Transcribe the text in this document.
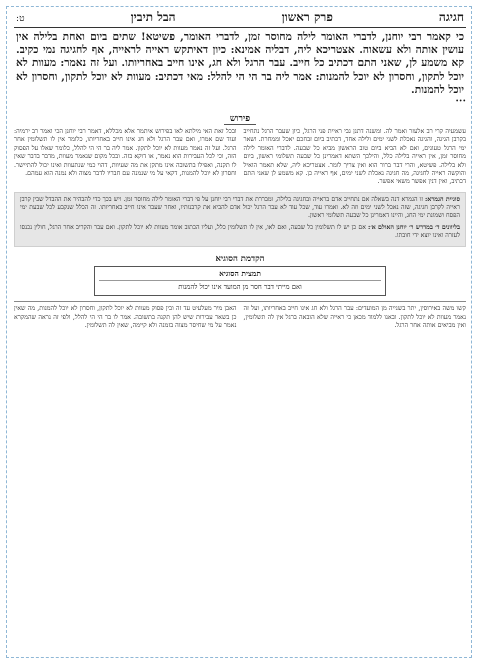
חגיגה
פרק ראשון
הבל תיבין
ט:
כי קאמר רבי יוחנן, לדברי האומר לילה מחוסר זמן, לדברי האומר, פשיטא! שתים ביום ואחת בלילה אין עושין אותה ולא עשאוה. אצטריכא ליה, דבליה אמינא: כיון דאיתקש ראייה לראייה, אף לחגיגה נמי כקיב. קא משמע לן, שאני התם דכתיב כל חייב. עבר הרגל ולא חג, אינו חייב באחריותו. ועל זה נאמר: מעוות לא יוכל לתקון, וחסרון לא יוכל להמנות: אמר ליה בר הי הי להלל: מאי דכתיב: מעוות לא יוכל לתקון, וחסרון לא יוכל להמנות.
•••
פירוש

עשמעיה קרי רב אלעזר ואמר לה. ומשנה דתנן גבי ראיית פני הרגל, כיון שעבר הרגל נתחייב בקרבן הגיגה, והגיגה נאכלת לשני ימים ולילה אחד, דכתיב ביום זבחכם יאכל וממחרת. ושאר ימי הרגל טעונים, ואם לא הביא ביום טוב הראשון מביא כל שבעה. לדברי האומר לילה מחוסר זמן, אין ראייה בלילה כלל, והילכך השתא דאמרינן כל שבעה תשלומי ראשון, ביום ולא בלילה. פשיטא, והרי דבר ברור הוא ואין צריך לומר. אצטריכא ליה, שלא תאמר הואיל והוקשה ראייה לחגיגה, מה חגיגה נאכלת לשני ימים, אף ראייה כן. קא משמע לן שאני התם דכתיב, ואין דנין אפשר משאי אפשר.

ובכל זאת האי מילתא לאו בפירוש איתמר אלא מכללא, דאמר רבי יוחנן הכי ואמר רב ירמיה: ועוד שם אמרו, ואם עבר הרגל ולא חג אינו חייב באחריותו, כלומר אין לו תשלומין אחר הרגל. ועל זה נאמר מעוות לא יוכל לתקון. אמר ליה בר הי הי להלל, כלומר שאלו על הפסוק הזה, וכי לכל העבירות הוא נאמר, או דוקא בזה. ובכל מקום שנאמר מעוות, מדבר בדבר שאין לו תקנה, ואפילו בתשובה אינו מתקן את מה שעיוות, דהוי כמי שנתעוות ואינו יכול להתיישר. וחסרון לא יוכל להמנות, דקאי על מי שנמנה עם חבריו לדבר מצוה ולא נמנה הוא עמהם.

סוגיית הגמרא: זו הגמרא דנה בשאלה אם נתחייב אדם בראייה ובחגיגה בלילה, ומבררת את דברי רבי יוחנן על פי דברי האומר לילה מחוסר זמן. ויש בכך כדי להבהיר את ההבדל שבין קרבן ראייה לקרבן חגיגה, שזה נאכל לשני ימים וזה לא. ואמרו עוד, שכל עוד לא עבר הרגל יכול אדם להביא את קרבנותיו, ואחר שעבר אינו חייב באחריותו. זה הכלל שנקבע לכל שבעת ימי הפסח ושמונת ימי החג, והיינו דאמרינן כל שבעה תשלומי ראשון.

בליוונים ד׳ במדרש ר׳ יוחנן האולם א׳: אם כן יש לו תשלומין כל שבעה, ואם לאו, אין לו תשלומין כלל, ועליו הכתוב אומר מעוות לא יוכל לתקון. ואם עבר והקריב אחר הרגל, חולין נכנסו לעזרה ואינו יוצא ידי חובתו.

הקדמת הסוגיא
תמצית הסוגיא
ואם מייתי דבר חסר מן המועד אינו יכול להמנות

קשו משה באירוסין, יתר בשנייה מן המועדים: עבר הרגל ולא חג אינו חייב באחריותו, ועל זה נאמר מעוות לא יוכל לתקון. ובאנו ללמוד מכאן כי ראייה שלא הובאה ברגל אין לה תשלומין, ואין מביאים אותה אחר הרגל.

האבן מיר מעלעיט עד זה ובין פסוק מעוות לא יוכל לתקון, וחסרון לא יוכל להמנות, מה שאין כן בשאר עבירות שיש להן תקנה בתשובה. אמר לו בר הי הי להלל, ולפי זה נראה שהמקרא נאמר על מי שחיסר מצוה בזמנה ולא קיימה, שאין לה תשלומין.
